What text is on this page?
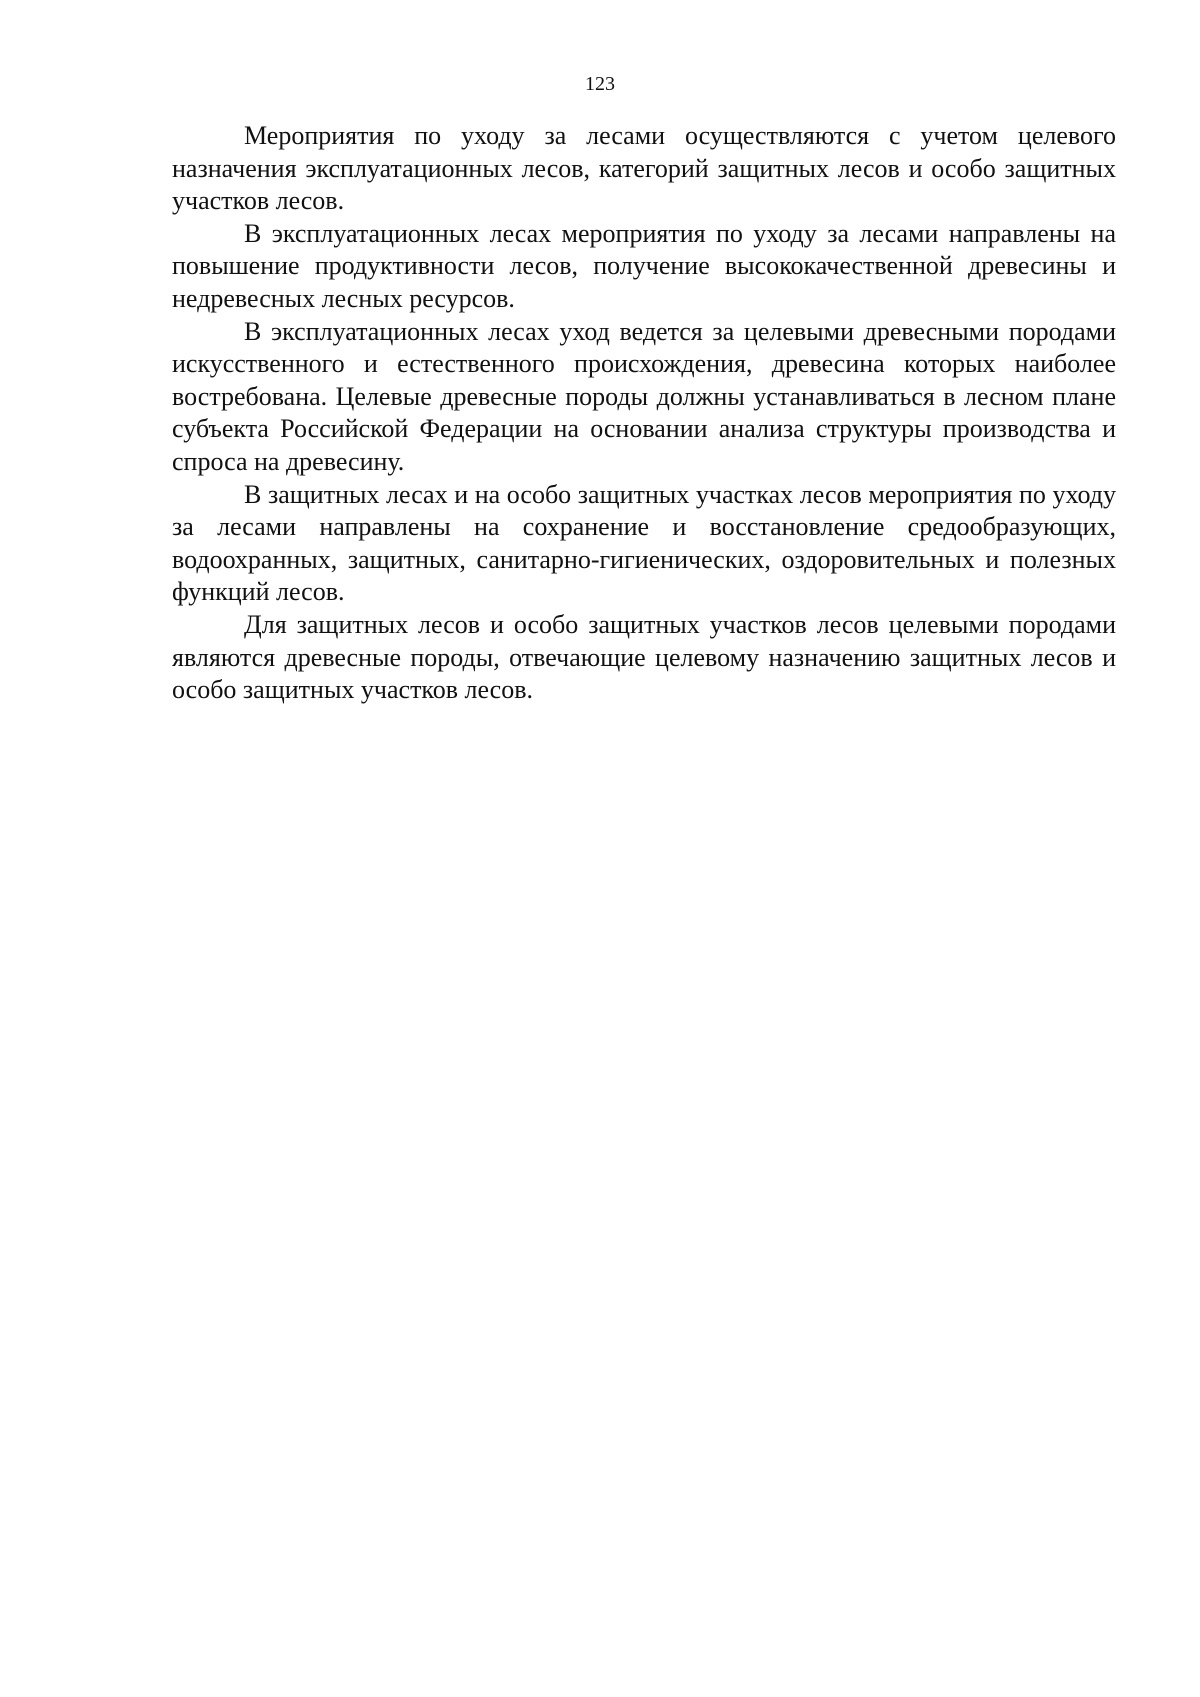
123

Мероприятия по уходу за лесами осуществляются с учетом целевого назначения эксплуатационных лесов, категорий защитных лесов и особо защитных участков лесов.

В эксплуатационных лесах мероприятия по уходу за лесами направлены на повышение продуктивности лесов, получение высококачественной древесины и недревесных лесных ресурсов.

В эксплуатационных лесах уход ведется за целевыми древесными породами искусственного и естественного происхождения, древесина которых наиболее востребована. Целевые древесные породы должны устанавливаться в лесном плане субъекта Российской Федерации на основании анализа структуры производства и спроса на древесину.

В защитных лесах и на особо защитных участках лесов мероприятия по уходу за лесами направлены на сохранение и восстановление средообразующих, водоохранных, защитных, санитарно-гигиенических, оздоровительных и полезных функций лесов.

Для защитных лесов и особо защитных участков лесов целевыми породами являются древесные породы, отвечающие целевому назначению защитных лесов и особо защитных участков лесов.
